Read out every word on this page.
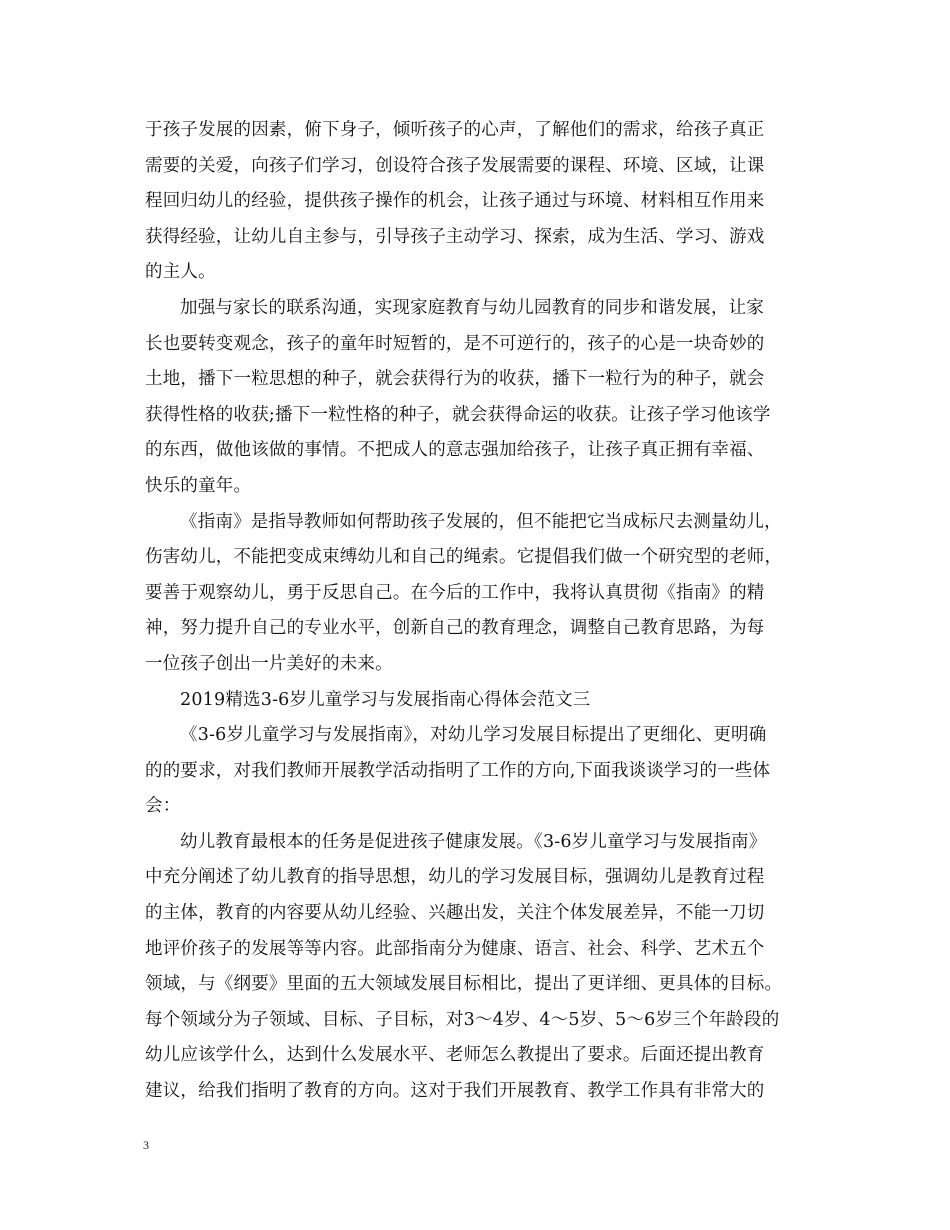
于孩子发展的因素，俯下身子，倾听孩子的心声，了解他们的需求，给孩子真正
需要的关爱，向孩子们学习，创设符合孩子发展需要的课程、环境、区域，让课
程回归幼儿的经验，提供孩子操作的机会，让孩子通过与环境、材料相互作用来
获得经验，让幼儿自主参与，引导孩子主动学习、探索，成为生活、学习、游戏
的主人。
加强与家长的联系沟通，实现家庭教育与幼儿园教育的同步和谐发展，让家
长也要转变观念，孩子的童年时短暂的，是不可逆行的，孩子的心是一块奇妙的
土地，播下一粒思想的种子，就会获得行为的收获，播下一粒行为的种子，就会
获得性格的收获;播下一粒性格的种子，就会获得命运的收获。让孩子学习他该学
的东西，做他该做的事情。不把成人的意志强加给孩子，让孩子真正拥有幸福、
快乐的童年。
《指南》是指导教师如何帮助孩子发展的，但不能把它当成标尺去测量幼儿，
伤害幼儿，不能把变成束缚幼儿和自己的绳索。它提倡我们做一个研究型的老师，
要善于观察幼儿，勇于反思自己。在今后的工作中，我将认真贯彻《指南》的精
神，努力提升自己的专业水平，创新自己的教育理念，调整自己教育思路，为每
一位孩子创出一片美好的未来。
2019精选3-6岁儿童学习与发展指南心得体会范文三
《3-6岁儿童学习与发展指南》，对幼儿学习发展目标提出了更细化、更明确
的的要求，对我们教师开展教学活动指明了工作的方向,下面我谈谈学习的一些体
会：
幼儿教育最根本的任务是促进孩子健康发展。《3-6岁儿童学习与发展指南》
中充分阐述了幼儿教育的指导思想，幼儿的学习发展目标，强调幼儿是教育过程
的主体，教育的内容要从幼儿经验、兴趣出发，关注个体发展差异，不能一刀切
地评价孩子的发展等等内容。此部指南分为健康、语言、社会、科学、艺术五个
领域，与《纲要》里面的五大领域发展目标相比，提出了更详细、更具体的目标。
每个领域分为子领域、目标、子目标，对3～4岁、4～5岁、5～6岁三个年龄段的
幼儿应该学什么，达到什么发展水平、老师怎么教提出了要求。后面还提出教育
建议，给我们指明了教育的方向。这对于我们开展教育、教学工作具有非常大的
3
